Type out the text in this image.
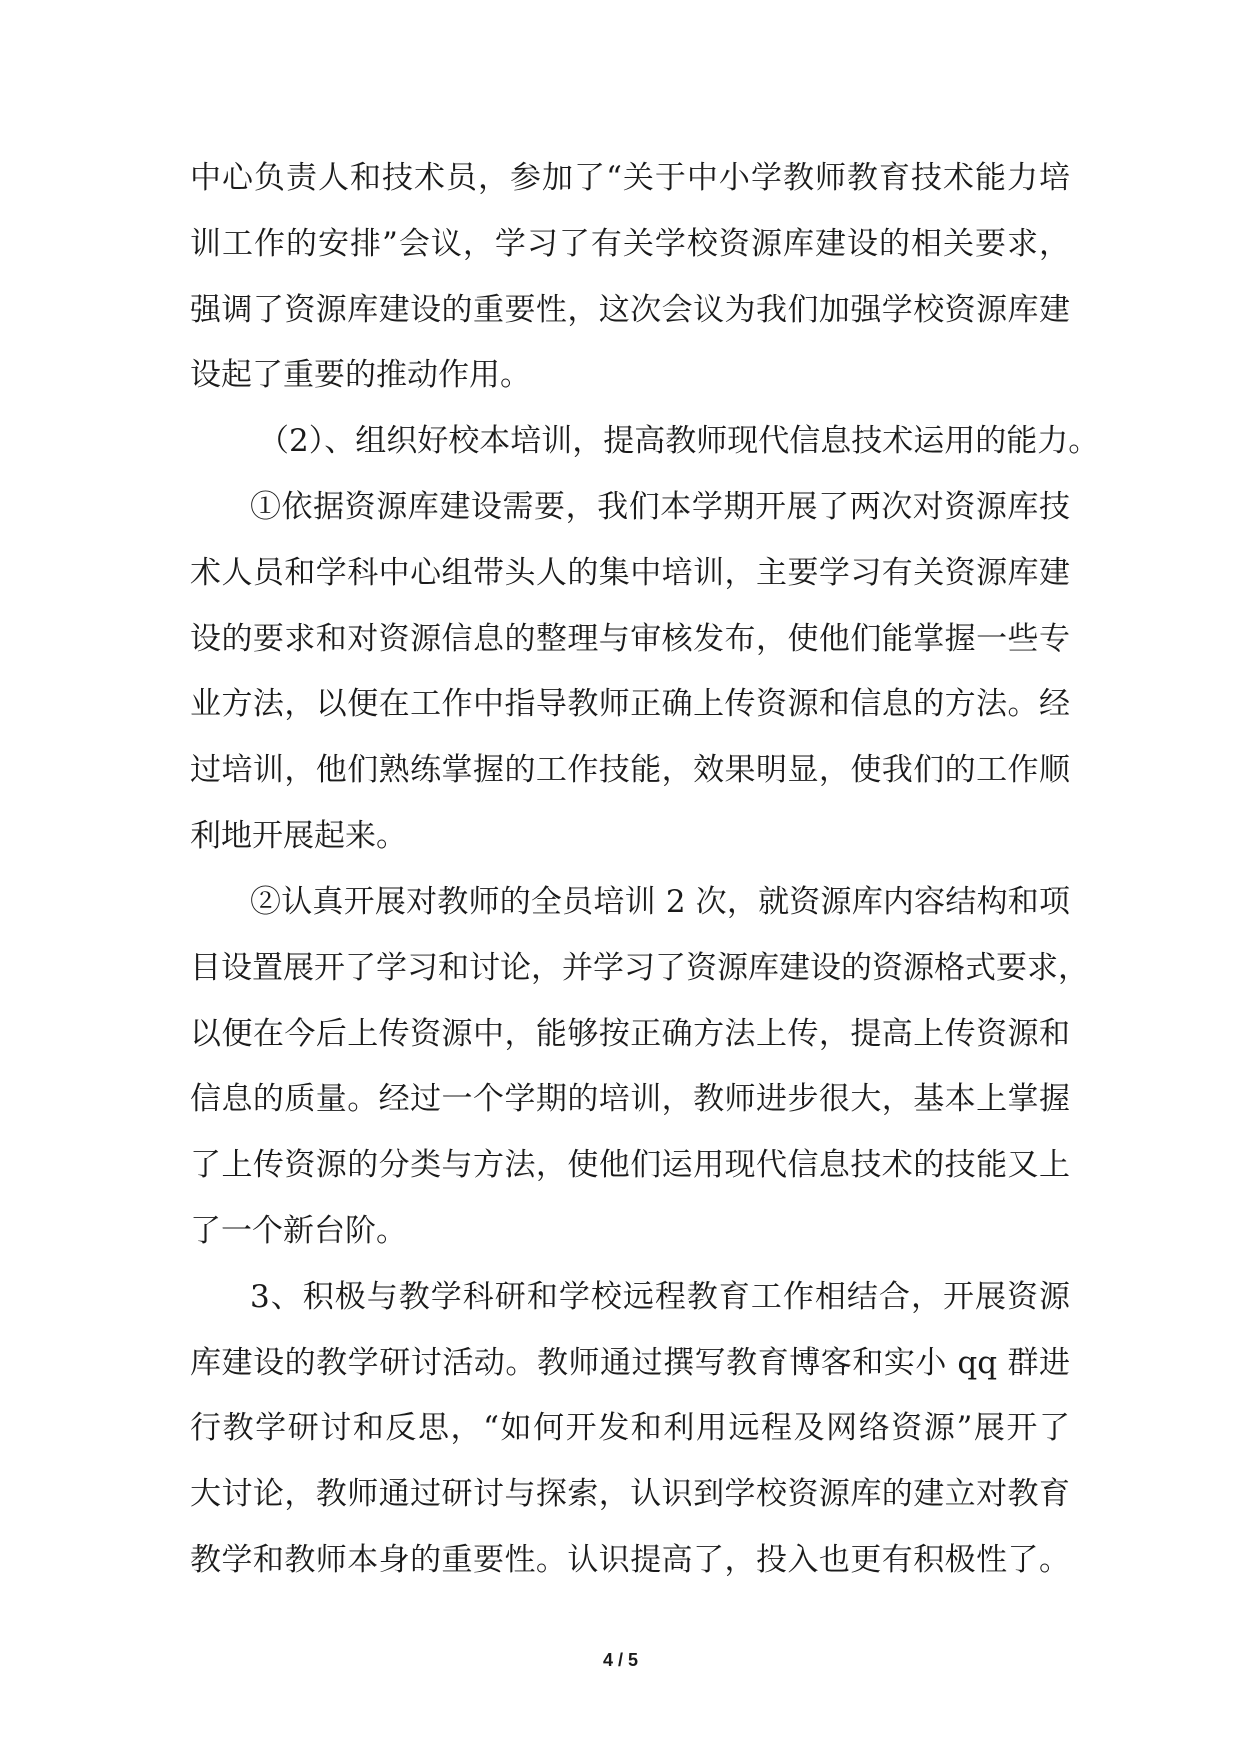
中心负责人和技术员，参加了“关于中小学教师教育技术能力培
训工作的安排”会议，学习了有关学校资源库建设的相关要求，
强调了资源库建设的重要性，这次会议为我们加强学校资源库建
设起了重要的推动作用。
（2）、组织好校本培训，提高教师现代信息技术运用的能力。
①依据资源库建设需要，我们本学期开展了两次对资源库技
术人员和学科中心组带头人的集中培训，主要学习有关资源库建
设的要求和对资源信息的整理与审核发布，使他们能掌握一些专
业方法，以便在工作中指导教师正确上传资源和信息的方法。经
过培训，他们熟练掌握的工作技能，效果明显，使我们的工作顺
利地开展起来。
②认真开展对教师的全员培训 2 次，就资源库内容结构和项
目设置展开了学习和讨论，并学习了资源库建设的资源格式要求，
以便在今后上传资源中，能够按正确方法上传，提高上传资源和
信息的质量。经过一个学期的培训，教师进步很大，基本上掌握
了上传资源的分类与方法，使他们运用现代信息技术的技能又上
了一个新台阶。
3、积极与教学科研和学校远程教育工作相结合，开展资源
库建设的教学研讨活动。教师通过撰写教育博客和实小 qq 群进
行教学研讨和反思，“如何开发和利用远程及网络资源”展开了
大讨论，教师通过研讨与探索，认识到学校资源库的建立对教育
教学和教师本身的重要性。认识提高了，投入也更有积极性了。
4 / 5
